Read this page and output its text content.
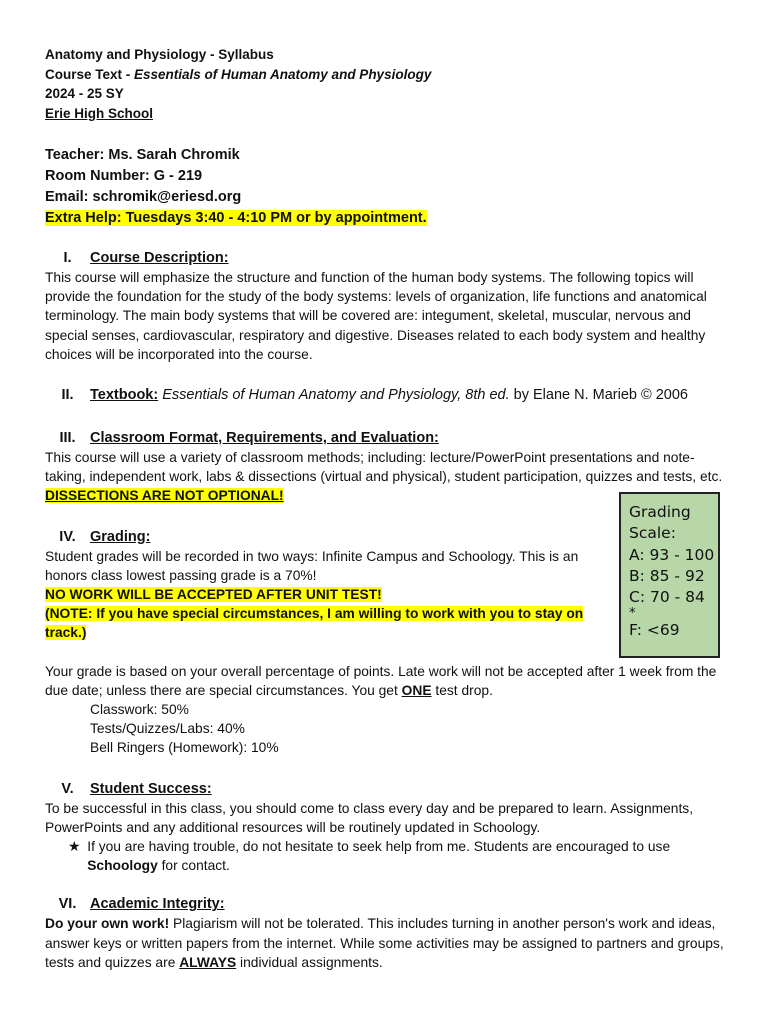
Anatomy and Physiology - Syllabus
Course Text - Essentials of Human Anatomy and Physiology
2024 - 25 SY
Erie High School
Teacher: Ms. Sarah Chromik
Room Number: G - 219
Email: schromik@eriesd.org
Extra Help: Tuesdays 3:40 - 4:10 PM or by appointment.
I.	Course Description:
This course will emphasize the structure and function of the human body systems. The following topics will provide the foundation for the study of the body systems: levels of organization, life functions and anatomical terminology. The main body systems that will be covered are: integument, skeletal, muscular, nervous and special senses, cardiovascular, respiratory and digestive. Diseases related to each body system and healthy choices will be incorporated into the course.
II.	Textbook: Essentials of Human Anatomy and Physiology, 8th ed. by Elane N. Marieb © 2006
III. Classroom Format, Requirements, and Evaluation:
This course will use a variety of classroom methods; including: lecture/PowerPoint presentations and note-taking, independent work, labs & dissections (virtual and physical), student participation, quizzes and tests, etc. DISSECTIONS ARE NOT OPTIONAL!
IV. Grading:
Student grades will be recorded in two ways: Infinite Campus and Schoology. This is an honors class lowest passing grade is a 70%!
NO WORK WILL BE ACCEPTED AFTER UNIT TEST!
(NOTE: If you have special circumstances, I am willing to work with you to stay on track.)
Your grade is based on your overall percentage of points. Late work will not be accepted after 1 week from the due date; unless there are special circumstances. You get ONE test drop.
Classwork: 50%
Tests/Quizzes/Labs: 40%
Bell Ringers (Homework): 10%
V.	Student Success:
To be successful in this class, you should come to class every day and be prepared to learn. Assignments, PowerPoints and any additional resources will be routinely updated in Schoology.
★ If you are having trouble, do not hesitate to seek help from me. Students are encouraged to use Schoology for contact.
VI. Academic Integrity:
Do your own work! Plagiarism will not be tolerated. This includes turning in another person's work and ideas, answer keys or written papers from the internet. While some activities may be assigned to partners and groups, tests and quizzes are ALWAYS individual assignments.
Grading
Scale:
A: 93 - 100
B: 85 - 92
C: 70 - 84
*
F: <69
